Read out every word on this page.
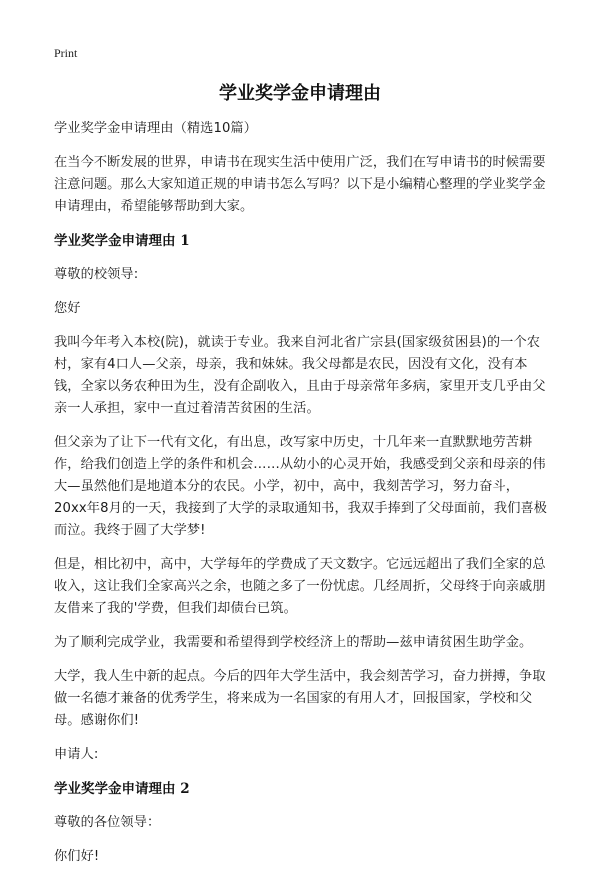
Print
学业奖学金申请理由

学业奖学金申请理由（精选10篇）

在当今不断发展的世界，申请书在现实生活中使用广泛，我们在写申请书的时候需要注意问题。那么大家知道正规的申请书怎么写吗？以下是小编精心整理的学业奖学金申请理由，希望能够帮助到大家。

学业奖学金申请理由 1

尊敬的校领导:

您好

我叫今年考入本校(院)，就读于专业。我来自河北省广宗县(国家级贫困县)的一个农村，家有4口人—父亲，母亲，我和妹妹。我父母都是农民，因没有文化，没有本钱，全家以务农种田为生，没有企副收入，且由于母亲常年多病，家里开支几乎由父亲一人承担，家中一直过着清苦贫困的生活。

但父亲为了让下一代有文化，有出息，改写家中历史，十几年来一直默默地劳苦耕作，给我们创造上学的条件和机会……从幼小的心灵开始，我感受到父亲和母亲的伟大—虽然他们是地道本分的农民。小学，初中，高中，我刻苦学习，努力奋斗，20xx年8月的一天，我接到了大学的录取通知书，我双手捧到了父母面前，我们喜极而泣。我终于圆了大学梦!

但是，相比初中，高中，大学每年的学费成了天文数字。它远远超出了我们全家的总收入，这让我们全家高兴之余，也随之多了一份忧虑。几经周折，父母终于向亲戚朋友借来了我的'学费，但我们却债台已筑。

为了顺利完成学业，我需要和希望得到学校经济上的帮助—兹申请贫困生助学金。

大学，我人生中新的起点。今后的四年大学生活中，我会刻苦学习，奋力拼搏，争取做一名德才兼备的优秀学生，将来成为一名国家的有用人才，回报国家，学校和父母。感谢你们!

申请人:

学业奖学金申请理由 2

尊敬的各位领导：

你们好!
